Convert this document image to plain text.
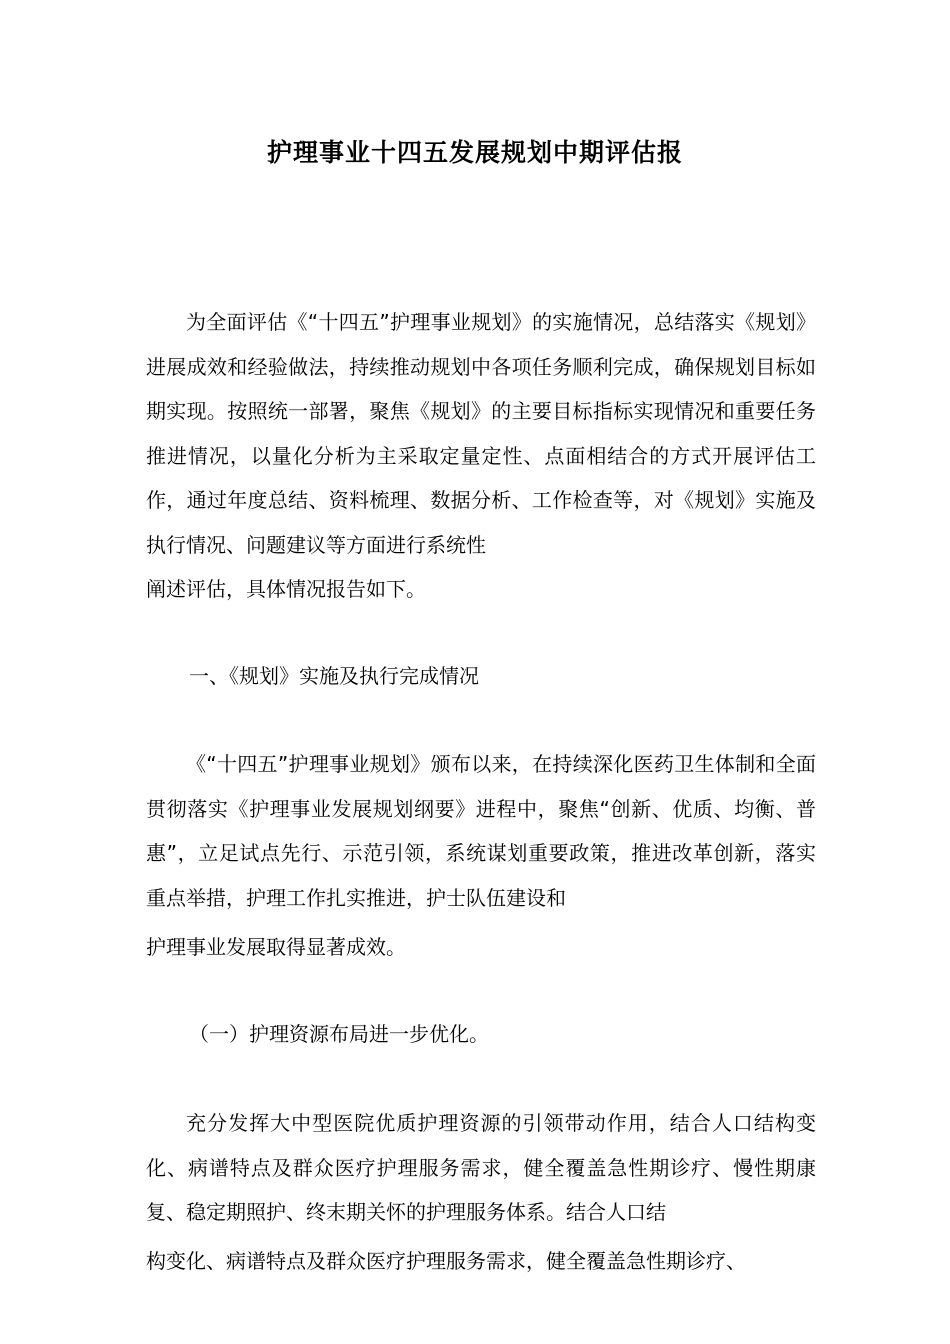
护理事业十四五发展规划中期评估报

为全面评估《“十四五”护理事业规划》的实施情况，总结落实《规划》进展成效和经验做法，持续推动规划中各项任务顺利完成，确保规划目标如期实现。按照统一部署，聚焦《规划》的主要目标指标实现情况和重要任务推进情况，以量化分析为主采取定量定性、点面相结合的方式开展评估工作，通过年度总结、资料梳理、数据分析、工作检查等，对《规划》实施及执行情况、问题建议等方面进行系统性

阐述评估，具体情况报告如下。
一、《规划》实施及执行完成情况

《“十四五”护理事业规划》颁布以来，在持续深化医药卫生体制和全面贯彻落实《护理事业发展规划纲要》进程中，聚焦“创新、优质、均衡、普惠”，立足试点先行、示范引领，系统谋划重要政策，推进改革创新，落实重点举措，护理工作扎实推进，护士队伍建设和

护理事业发展取得显著成效。
（一）护理资源布局进一步优化。

充分发挥大中型医院优质护理资源的引领带动作用，结合人口结构变化、病谱特点及群众医疗护理服务需求，健全覆盖急性期诊疗、慢性期康复、稳定期照护、终末期关怀的护理服务体系。结合人口结

构变化、病谱特点及群众医疗护理服务需求，健全覆盖急性期诊疗、
